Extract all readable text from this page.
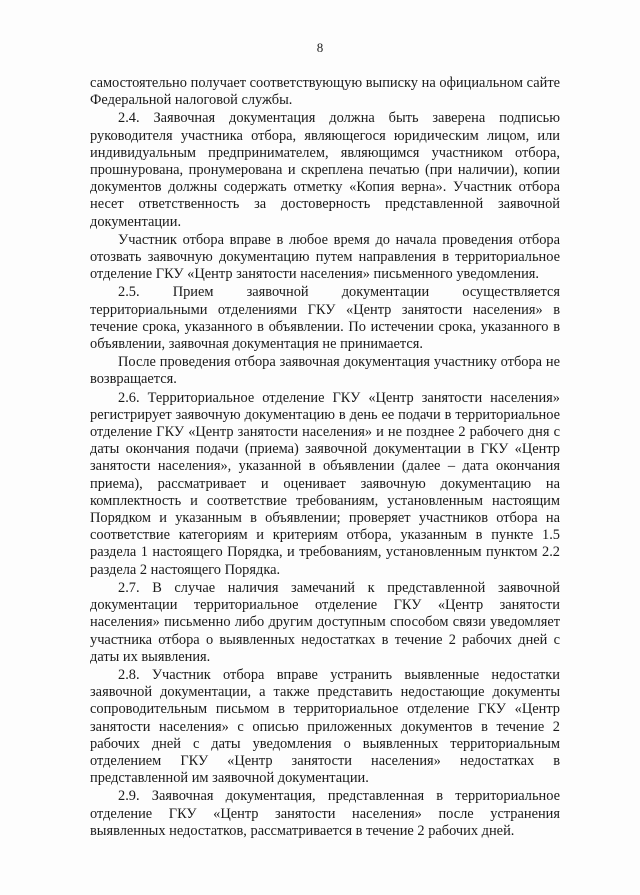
8

самостоятельно получает соответствующую выписку на официальном сайте Федеральной налоговой службы.

2.4. Заявочная документация должна быть заверена подписью руководителя участника отбора, являющегося юридическим лицом, или индивидуальным предпринимателем, являющимся участником отбора, прошнурована, пронумерована и скреплена печатью (при наличии), копии документов должны содержать отметку «Копия верна». Участник отбора несет ответственность за достоверность представленной заявочной документации.

Участник отбора вправе в любое время до начала проведения отбора отозвать заявочную документацию путем направления в территориальное отделение ГКУ «Центр занятости населения» письменного уведомления.

2.5. Прием заявочной документации осуществляется территориальными отделениями ГКУ «Центр занятости населения» в течение срока, указанного в объявлении. По истечении срока, указанного в объявлении, заявочная документация не принимается.

После проведения отбора заявочная документация участнику отбора не возвращается.

2.6. Территориальное отделение ГКУ «Центр занятости населения» регистрирует заявочную документацию в день ее подачи в территориальное отделение ГКУ «Центр занятости населения» и не позднее 2 рабочего дня с даты окончания подачи (приема) заявочной документации в ГКУ «Центр занятости населения», указанной в объявлении (далее – дата окончания приема), рассматривает и оценивает заявочную документацию на комплектность и соответствие требованиям, установленным настоящим Порядком и указанным в объявлении; проверяет участников отбора на соответствие категориям и критериям отбора, указанным в пункте 1.5 раздела 1 настоящего Порядка, и требованиям, установленным пунктом 2.2 раздела 2 настоящего Порядка.

2.7. В случае наличия замечаний к представленной заявочной документации территориальное отделение ГКУ «Центр занятости населения» письменно либо другим доступным способом связи уведомляет участника отбора о выявленных недостатках в течение 2 рабочих дней с даты их выявления.

2.8. Участник отбора вправе устранить выявленные недостатки заявочной документации, а также представить недостающие документы сопроводительным письмом в территориальное отделение ГКУ «Центр занятости населения» с описью приложенных документов в течение 2 рабочих дней с даты уведомления о выявленных территориальным отделением ГКУ «Центр занятости населения» недостатках в представленной им заявочной документации.

2.9. Заявочная документация, представленная в территориальное отделение ГКУ «Центр занятости населения» после устранения выявленных недостатков, рассматривается в течение 2 рабочих дней.
